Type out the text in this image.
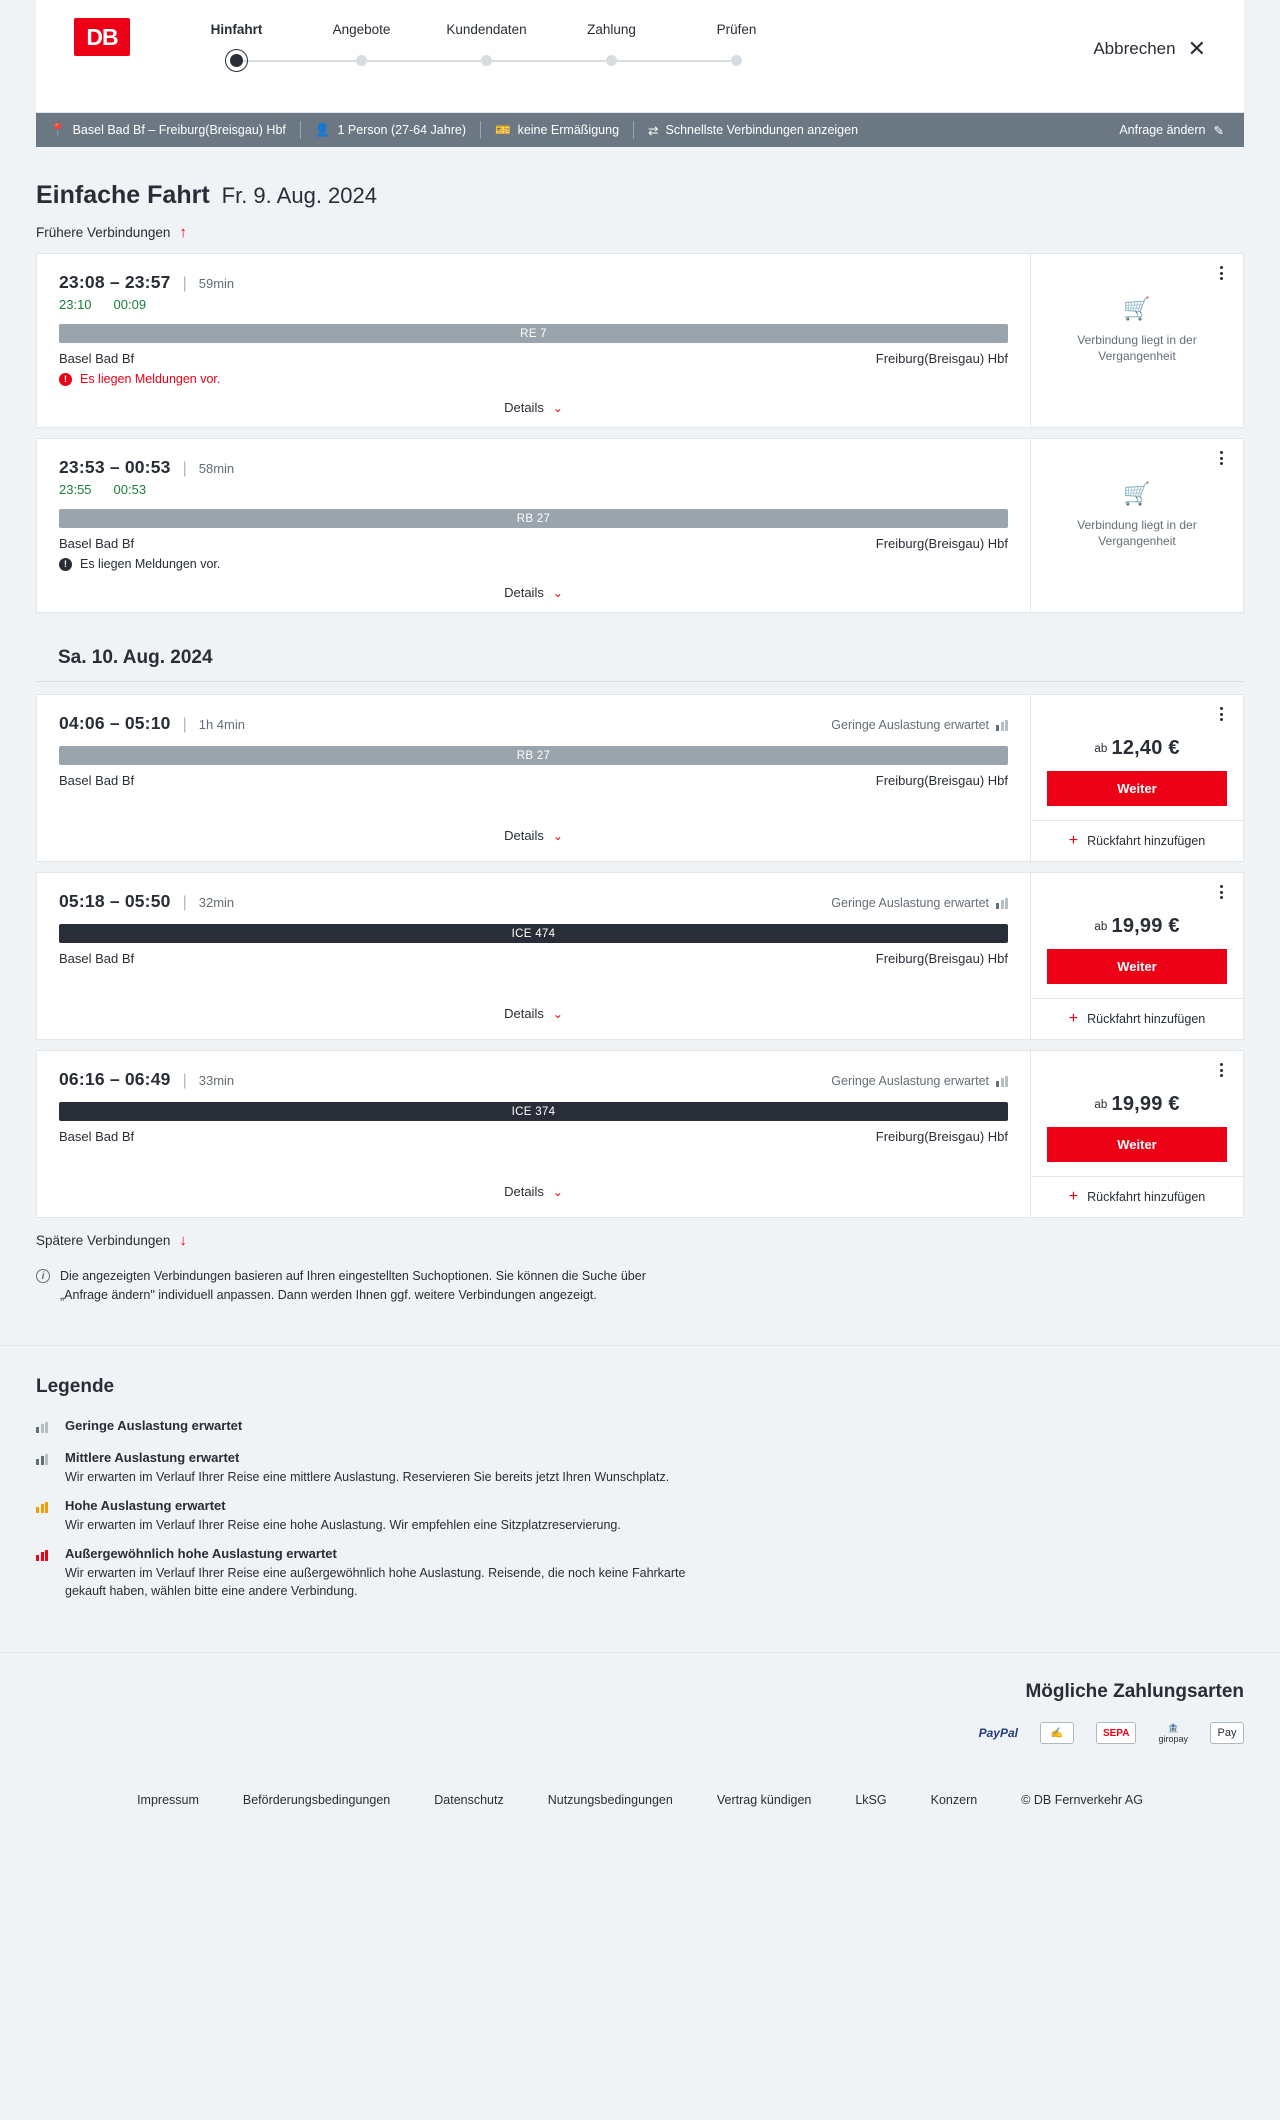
DB	Hinfahrt	Angebote	Kundendaten	Zahlung	Prüfen
Abbrechen ✕
📍 Basel Bad Bf – Freiburg(Breisgau) Hbf 👤 1 Person (27-64 Jahre) 🎫 keine Ermäßigung ⇄ Schnellste Verbindungen anzeigen	Anfrage ändern ✎
Einfache Fahrt Fr. 9. Aug. 2024
Frühere Verbindungen ↑
23:08 – 23:57 | 59min
23:10 00:09
RE 7
Basel Bad Bf	Freiburg(Breisgau) Hbf
!	Es liegen Meldungen vor.
Details ⌄
🛒
Verbindung liegt in der Vergangenheit
23:53 – 00:53 | 58min
23:55 00:53
RB 27
Basel Bad Bf	Freiburg(Breisgau) Hbf
!	Es liegen Meldungen vor.
Details ⌄
🛒
Verbindung liegt in der Vergangenheit
Sa. 10. Aug. 2024
04:06 – 05:10 | 1h 4min	Geringe Auslastung erwartet
RB 27
Basel Bad Bf	Freiburg(Breisgau) Hbf
Details ⌄
ab 12,40 €
Weiter
+ Rückfahrt hinzufügen
05:18 – 05:50 | 32min	Geringe Auslastung erwartet
ICE 474
Basel Bad Bf	Freiburg(Breisgau) Hbf
Details ⌄
ab 19,99 €
Weiter
+ Rückfahrt hinzufügen
06:16 – 06:49 | 33min	Geringe Auslastung erwartet
ICE 374
Basel Bad Bf	Freiburg(Breisgau) Hbf
Details ⌄
ab 19,99 €
Weiter
+ Rückfahrt hinzufügen
Spätere Verbindungen ↓
i	Die angezeigten Verbindungen basieren auf Ihren eingestellten Suchoptionen. Sie können die Suche über „Anfrage ändern" individuell anpassen. Dann werden Ihnen ggf. weitere Verbindungen angezeigt.
Legende
Geringe Auslastung erwartet
Mittlere Auslastung erwartet
Wir erwarten im Verlauf Ihrer Reise eine mittlere Auslastung. Reservieren Sie bereits jetzt Ihren Wunschplatz.
Hohe Auslastung erwartet
Wir erwarten im Verlauf Ihrer Reise eine hohe Auslastung. Wir empfehlen eine Sitzplatzreservierung.
Außergewöhnlich hohe Auslastung erwartet
Wir erwarten im Verlauf Ihrer Reise eine außergewöhnlich hohe Auslastung. Reisende, die noch keine Fahrkarte gekauft haben, wählen bitte eine andere Verbindung.
Mögliche Zahlungsarten
PayPal	✍	SEPA	🏦
giropay	Pay
Impressum	Beförderungsbedingungen	Datenschutz	Nutzungsbedingungen	Vertrag kündigen	LkSG	Konzern	© DB Fernverkehr AG
